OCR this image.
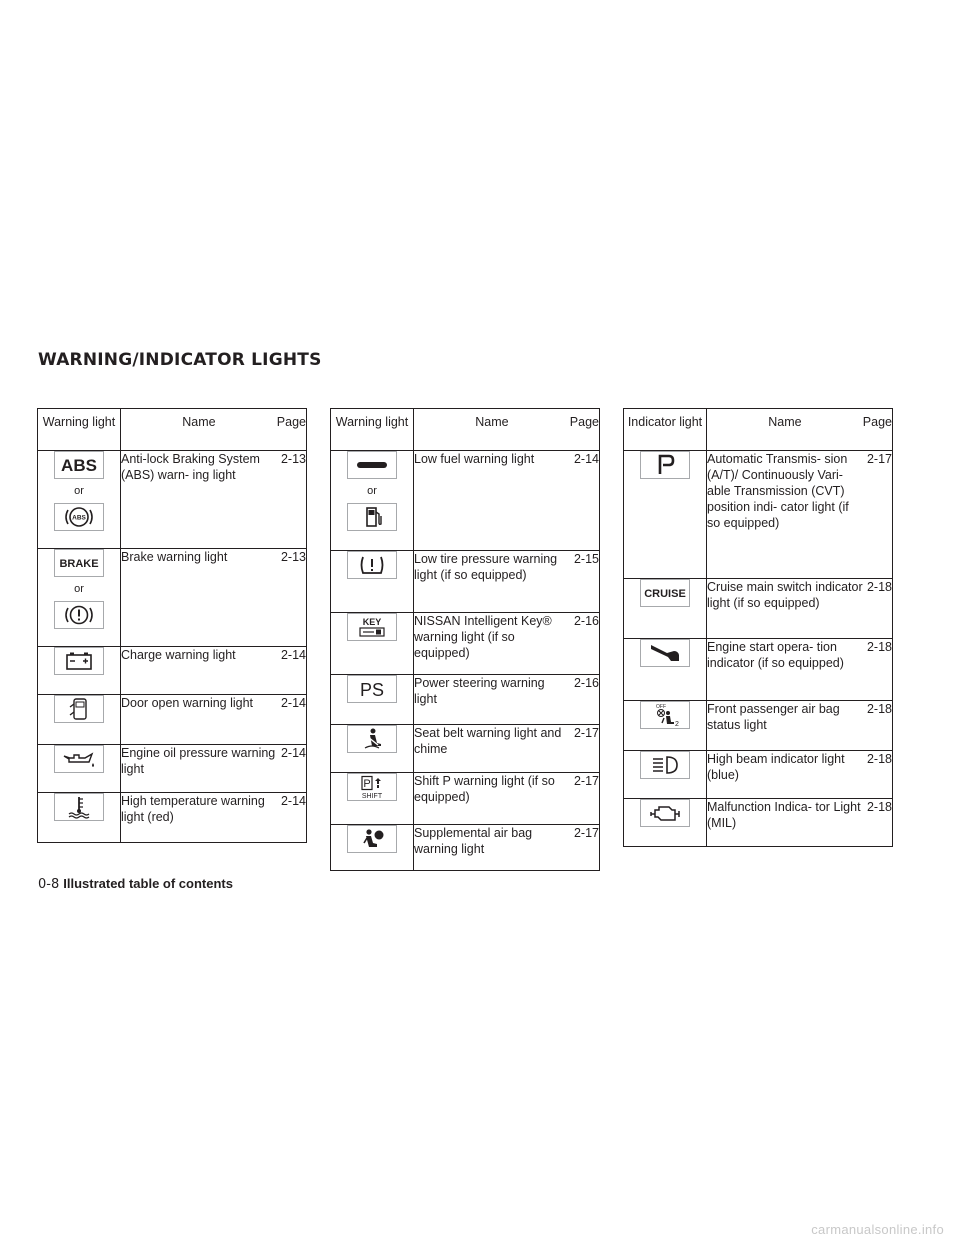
WARNING/INDICATOR LIGHTS
Warning light	Name	Page

ABS
or
ABS	Anti-lock Braking System (ABS) warn- ing light	2-13

BRAKE
or	Brake warning light	2-13

	Charge warning light	2-14

	Door open warning light	2-14

	Engine oil pressure warning light	2-14

	High temperature warning light (red)	2-14
Warning light	Name	Page

or	Low fuel warning light	2-14

	Low tire pressure warning light (if so equipped)	2-15

KEY	NISSAN Intelligent Key® warning light (if so equipped)	2-16

PS	Power steering warning light	2-16

	Seat belt warning light and chime	2-17

P
SHIFT	Shift P warning light (if so equipped)	2-17

	Supplemental air bag warning light	2-17
Indicator light	Name	Page

	Automatic Transmis- sion (A/T)/ Continuously Vari- able Transmission (CVT) position indi- cator light (if so equipped)	2-17

CRUISE	Cruise main switch indicator light (if so equipped)	2-18

	Engine start opera- tion indicator (if so equipped)	2-18

OFF
2	Front passenger air bag status light	2-18

	High beam indicator light (blue)	2-18

	Malfunction Indica- tor Light (MIL)	2-18
0-8 Illustrated table of contents
carmanualsonline.info
